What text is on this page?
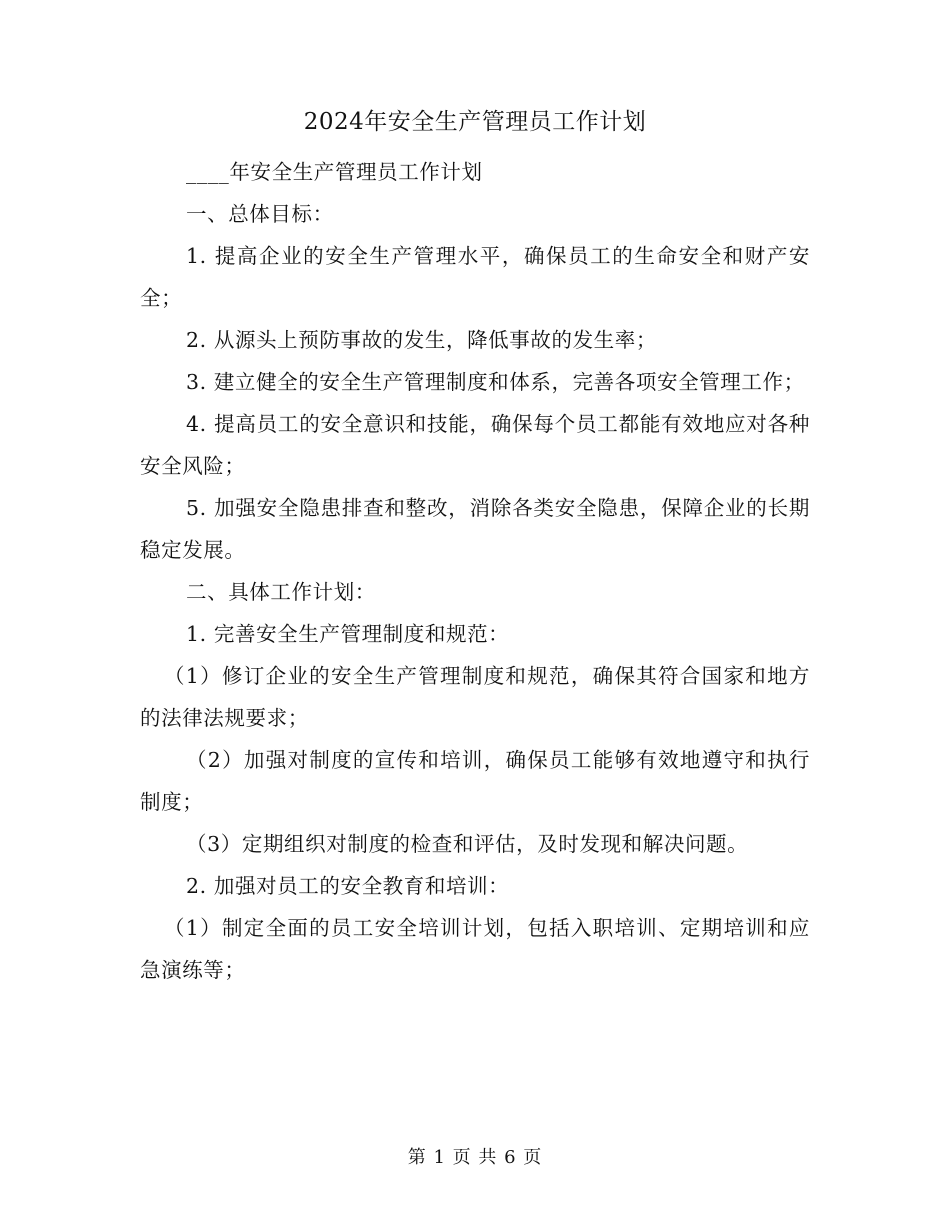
2024年安全生产管理员工作计划

____年安全生产管理员工作计划

一、总体目标：

1. 提高企业的安全生产管理水平，确保员工的生命安全和财产安全；

2. 从源头上预防事故的发生，降低事故的发生率；

3. 建立健全的安全生产管理制度和体系，完善各项安全管理工作；

4. 提高员工的安全意识和技能，确保每个员工都能有效地应对各种安全风险；

5. 加强安全隐患排查和整改，消除各类安全隐患，保障企业的长期稳定发展。

二、具体工作计划：

1. 完善安全生产管理制度和规范：

（1）修订企业的安全生产管理制度和规范，确保其符合国家和地方的法律法规要求；

（2）加强对制度的宣传和培训，确保员工能够有效地遵守和执行制度；

（3）定期组织对制度的检查和评估，及时发现和解决问题。

2. 加强对员工的安全教育和培训：

（1）制定全面的员工安全培训计划，包括入职培训、定期培训和应急演练等；

第 1 页 共 6 页
